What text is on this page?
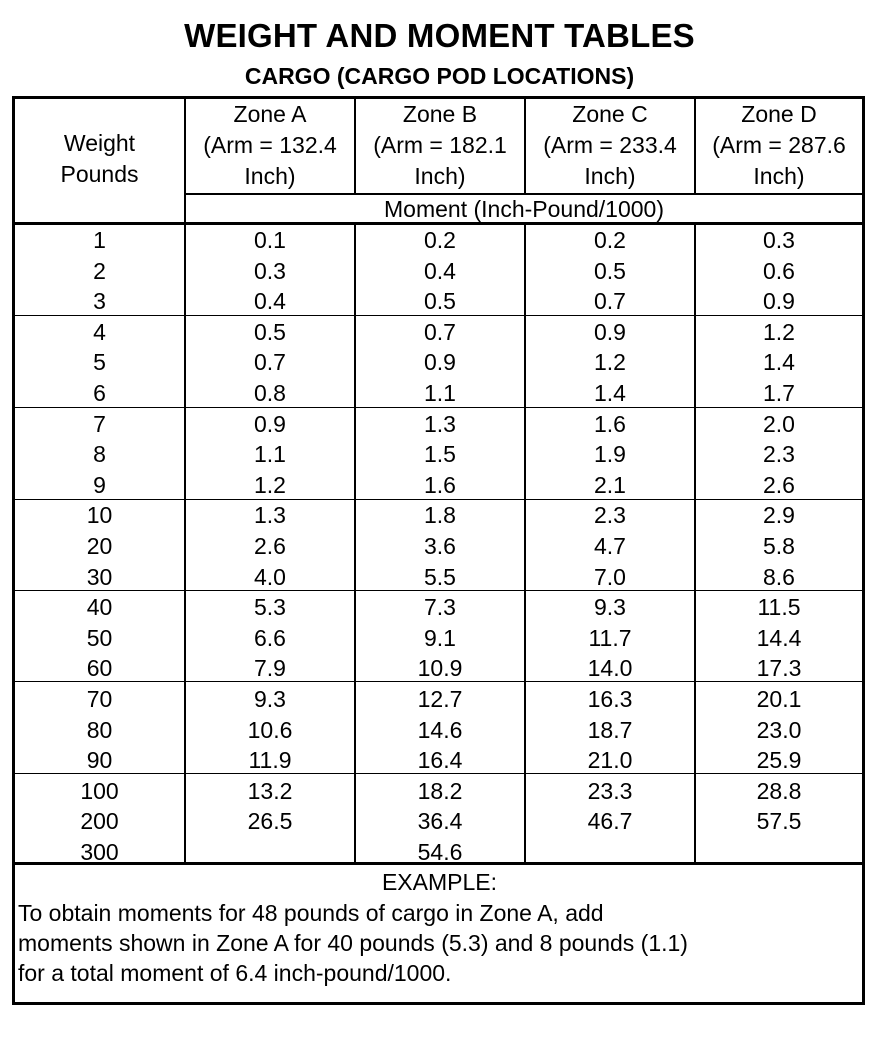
WEIGHT AND MOMENT TABLES
CARGO (CARGO POD LOCATIONS)
Weight
Pounds
Zone A
(Arm = 132.4
Inch)
Zone B
(Arm = 182.1
Inch)
Zone C
(Arm = 233.4
Inch)
Zone D
(Arm = 287.6
Inch)
Moment (Inch-Pound/1000)
1
2
3
4
5
6
7
8
9
10
20
30
40
50
60
70
80
90
100
200
300
0.1
0.3
0.4
0.5
0.7
0.8
0.9
1.1
1.2
1.3
2.6
4.0
5.3
6.6
7.9
9.3
10.6
11.9
13.2
26.5
0.2
0.4
0.5
0.7
0.9
1.1
1.3
1.5
1.6
1.8
3.6
5.5
7.3
9.1
10.9
12.7
14.6
16.4
18.2
36.4
54.6
0.2
0.5
0.7
0.9
1.2
1.4
1.6
1.9
2.1
2.3
4.7
7.0
9.3
11.7
14.0
16.3
18.7
21.0
23.3
46.7
0.3
0.6
0.9
1.2
1.4
1.7
2.0
2.3
2.6
2.9
5.8
8.6
11.5
14.4
17.3
20.1
23.0
25.9
28.8
57.5
EXAMPLE:
To obtain moments for 48 pounds of cargo in Zone A, add
moments shown in Zone A for 40 pounds (5.3) and 8 pounds (1.1)
for a total moment of 6.4 inch-pound/1000.
